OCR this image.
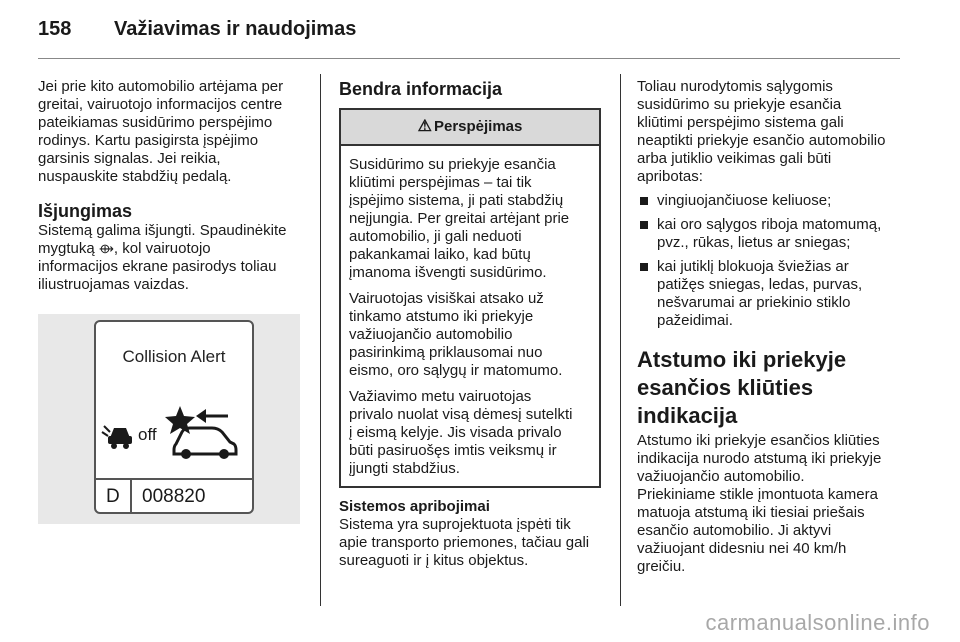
158	Važiavimas ir naudojimas

Jei prie kito automobilio artėjama per
greitai, vairuotojo informacijos centre
pateikiamas susidūrimo perspėjimo
rodinys. Kartu pasigirsta įspėjimo
garsinis signalas. Jei reikia,
nuspauskite stabdžių pedalą.

Išjungimas

Sistemą galima išjungti. Spaudinėkite
mygtuką ⟴, kol vairuotojo
informacijos ekrane pasirodys toliau
iliustruojamas vaizdas.

Collision Alert
off
D 008820
Bendra informacija
⚠ Perspėjimas

Susidūrimo su priekyje esančia
kliūtimi perspėjimas – tai tik
įspėjimo sistema, ji pati stabdžių
neįjungia. Per greitai artėjant prie
automobilio, ji gali neduoti
pakankamai laiko, kad būtų
įmanoma išvengti susidūrimo.

Vairuotojas visiškai atsako už
tinkamo atstumo iki priekyje
važiuojančio automobilio
pasirinkimą priklausomai nuo
eismo, oro sąlygų ir matomumo.

Važiavimo metu vairuotojas
privalo nuolat visą dėmesį sutelkti
į eismą kelyje. Jis visada privalo
būti pasiruošęs imtis veiksmų ir
įjungti stabdžius.

Sistemos apribojimai

Sistema yra suprojektuota įspėti tik
apie transporto priemones, tačiau gali
sureaguoti ir į kitus objektus.

Toliau nurodytomis sąlygomis
susidūrimo su priekyje esančia
kliūtimi perspėjimo sistema gali
neaptikti priekyje esančio automobilio
arba jutiklio veikimas gali būti
apribotas:

vingiuojančiuose keliuose;
kai oro sąlygos riboja matomumą,
pvz., rūkas, lietus ar sniegas;
kai jutiklį blokuoja šviežias ar
patižęs sniegas, ledas, purvas,
nešvarumai ar priekinio stiklo
pažeidimai.
Atstumo iki priekyje
esančios kliūties indikacija

Atstumo iki priekyje esančios kliūties
indikacija nurodo atstumą iki priekyje
važiuojančio automobilio.
Priekiniame stikle įmontuota kamera
matuoja atstumą iki tiesiai priešais
esančio automobilio. Ji aktyvi
važiuojant didesniu nei 40 km/h
greičiu.

carmanualsonline.info
